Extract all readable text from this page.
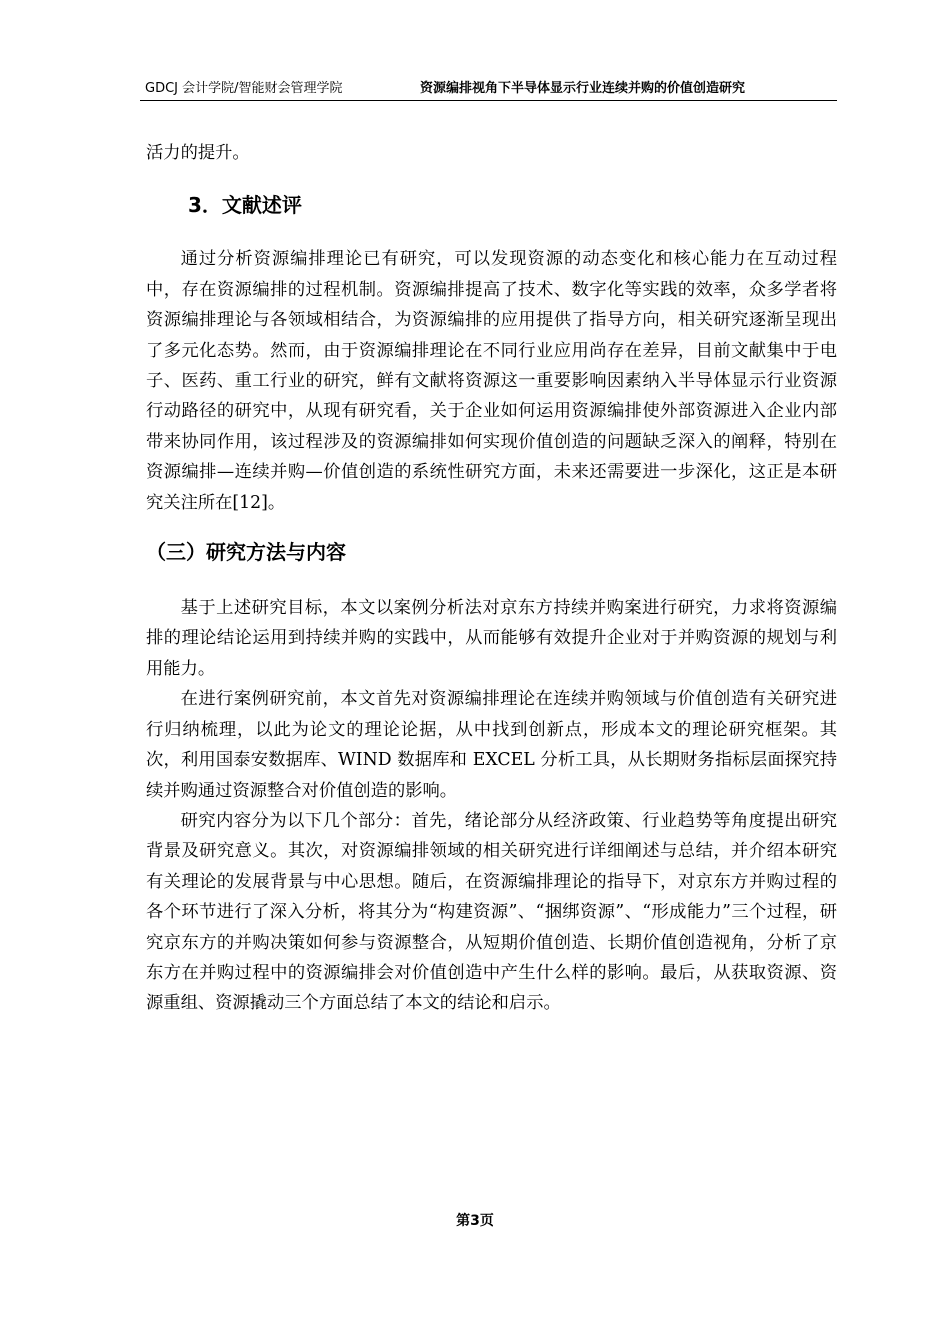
GDCJ 会计学院/智能财会管理学院	资源编排视角下半导体显示行业连续并购的价值创造研究

活力的提升。

3．文献述评

通过分析资源编排理论已有研究，可以发现资源的动态变化和核心能力在互动过程中，存在资源编排的过程机制。资源编排提高了技术、数字化等实践的效率，众多学者将资源编排理论与各领域相结合，为资源编排的应用提供了指导方向，相关研究逐渐呈现出了多元化态势。然而，由于资源编排理论在不同行业应用尚存在差异，目前文献集中于电子、医药、重工行业的研究，鲜有文献将资源这一重要影响因素纳入半导体显示行业资源行动路径的研究中，从现有研究看，关于企业如何运用资源编排使外部资源进入企业内部带来协同作用，该过程涉及的资源编排如何实现价值创造的问题缺乏深入的阐释，特别在资源编排—连续并购—价值创造的系统性研究方面，未来还需要进一步深化，这正是本研究关注所在[12]。

（三）研究方法与内容

基于上述研究目标，本文以案例分析法对京东方持续并购案进行研究，力求将资源编排的理论结论运用到持续并购的实践中，从而能够有效提升企业对于并购资源的规划与利用能力。

在进行案例研究前，本文首先对资源编排理论在连续并购领域与价值创造有关研究进行归纳梳理，以此为论文的理论论据，从中找到创新点，形成本文的理论研究框架。其次，利用国泰安数据库、WIND 数据库和 EXCEL 分析工具，从长期财务指标层面探究持续并购通过资源整合对价值创造的影响。

研究内容分为以下几个部分：首先，绪论部分从经济政策、行业趋势等角度提出研究背景及研究意义。其次，对资源编排领域的相关研究进行详细阐述与总结，并介绍本研究有关理论的发展背景与中心思想。随后，在资源编排理论的指导下，对京东方并购过程的各个环节进行了深入分析，将其分为“构建资源”、“捆绑资源”、“形成能力”三个过程，研究京东方的并购决策如何参与资源整合，从短期价值创造、长期价值创造视角，分析了京东方在并购过程中的资源编排会对价值创造中产生什么样的影响。最后，从获取资源、资源重组、资源撬动三个方面总结了本文的结论和启示。

第3页
